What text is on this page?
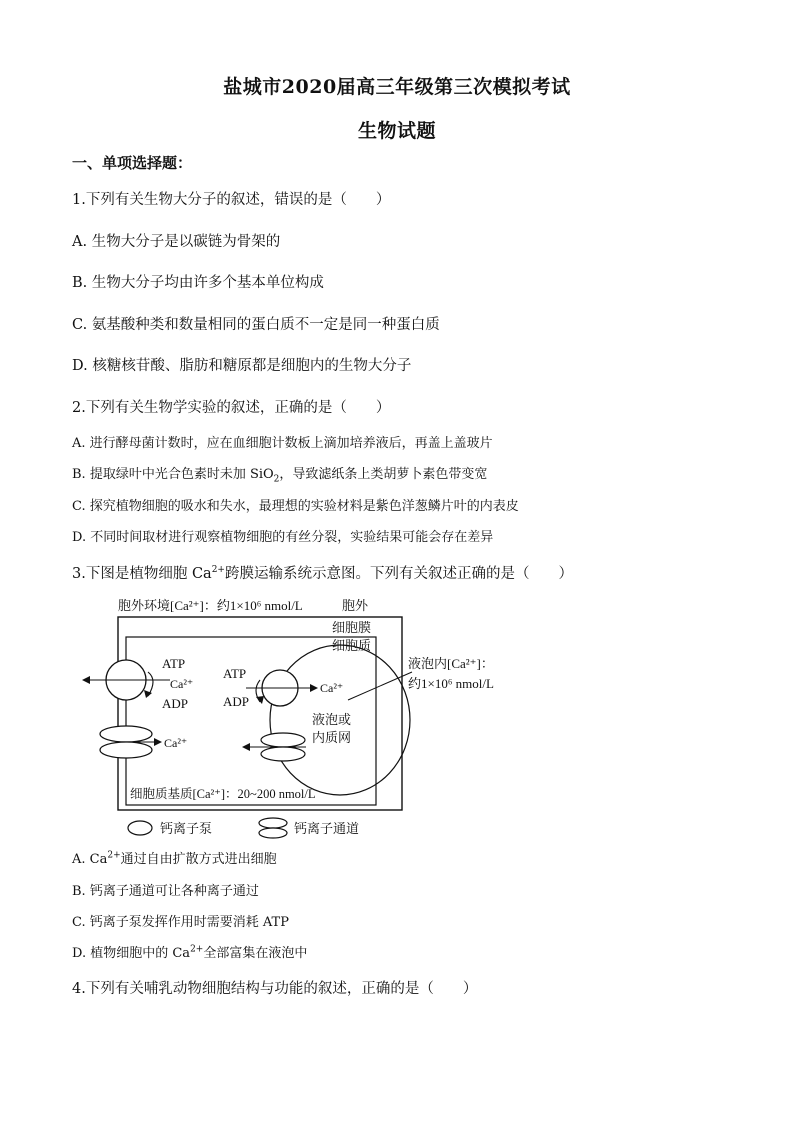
盐城市2020届高三年级第三次模拟考试
生物试题
一、单项选择题：
1.下列有关生物大分子的叙述，错误的是（　　）
A. 生物大分子是以碳链为骨架的
B. 生物大分子均由许多个基本单位构成
C. 氨基酸种类和数量相同的蛋白质不一定是同一种蛋白质
D. 核糖核苷酸、脂肪和糖原都是细胞内的生物大分子
2.下列有关生物学实验的叙述，正确的是（　　）
A. 进行酵母菌计数时，应在血细胞计数板上滴加培养液后，再盖上盖玻片
B. 提取绿叶中光合色素时未加 SiO$_2$，导致滤纸条上类胡萝卜素色带变宽
C. 探究植物细胞的吸水和失水，最理想的实验材料是紫色洋葱鳞片叶的内表皮
D. 不同时间取材进行观察植物细胞的有丝分裂，实验结果可能会存在差异
3.下图是植物细胞 $Ca^{2+}$跨膜运输系统示意图。下列有关叙述正确的是（　　）
胞外环境[Ca²⁺]：约1×10⁶ nmol/L	胞外
细胞膜
细胞质
液泡内[Ca²⁺]：
约1×10⁶ nmol/L
ATP
Ca²⁺
ADP
Ca²⁺
ATP
ADP
Ca²⁺
液泡或
内质网
细胞质基质[Ca²⁺]：20~200 nmol/L
钙离子泵	钙离子通道
A. $Ca^{2+}$通过自由扩散方式进出细胞
B. 钙离子通道可让各种离子通过
C. 钙离子泵发挥作用时需要消耗 ATP
D. 植物细胞中的 $Ca^{2+}$全部富集在液泡中
4.下列有关哺乳动物细胞结构与功能的叙述，正确的是（　　）
